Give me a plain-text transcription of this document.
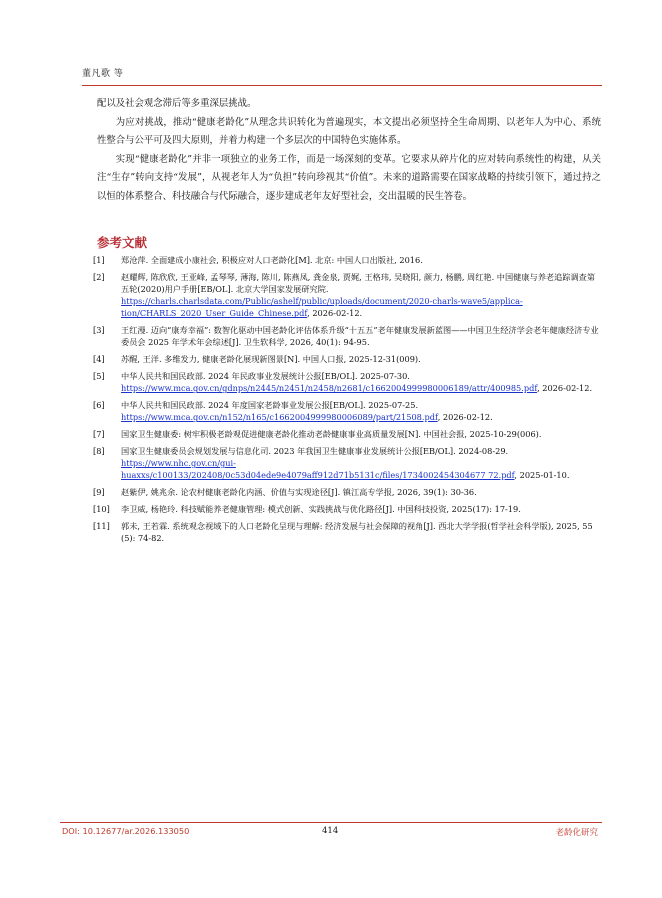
董凡歌 等

配以及社会观念滞后等多重深层挑战。

为应对挑战，推动“健康老龄化”从理念共识转化为普遍现实，本文提出必须坚持全生命周期、以老年人为中心、系统性整合与公平可及四大原则，并着力构建一个多层次的中国特色实施体系。

实现“健康老龄化”并非一项独立的业务工作，而是一场深刻的变革。它要求从碎片化的应对转向系统性的构建，从关注“生存”转向支持“发展”，从视老年人为“负担”转向珍视其“价值”。未来的道路需要在国家战略的持续引领下，通过持之以恒的体系整合、科技融合与代际融合，逐步建成老年友好型社会，交出温暖的民生答卷。

参考文献
[1]	郑沧萍. 全面建成小康社会, 积极应对人口老龄化[M]. 北京: 中国人口出版社, 2016.
[2]	赵耀辉, 陈欣欣, 王亚峰, 孟琴琴, 薄海, 陈川, 陈燕凤, 龚金泉, 贾娓, 王格玮, 吴晓阳, 颜力, 杨鹏, 周红艳. 中国健康与养老追踪调查第五轮(2020)用户手册[EB/OL]. 北京大学国家发展研究院.
https://charls.charlsdata.com/Public/ashelf/public/uploads/document/2020-charls-wave5/applica-
tion/CHARLS_2020_User_Guide_Chinese.pdf, 2026-02-12.
[3]	王红漫. 迈向“康寿幸福”: 数智化驱动中国老龄化评估体系升级“十五五”老年健康发展新蓝图——中国卫生经济学会老年健康经济专业委员会 2025 年学术年会综述[J]. 卫生软科学, 2026, 40(1): 94-95.
[4]	苏醒, 王洋. 多维发力, 健康老龄化展现新图景[N]. 中国人口报, 2025-12-31(009).
[5]	中华人民共和国民政部. 2024 年民政事业发展统计公报[EB/OL]. 2025-07-30.
https://www.mca.gov.cn/gdnps/n2445/n2451/n2458/n2681/c1662004999980006189/attr/400985.pdf, 2026-02-12.
[6]	中华人民共和国民政部. 2024 年度国家老龄事业发展公报[EB/OL]. 2025-07-25.
https://www.mca.gov.cn/n152/n165/c1662004999980006089/part/21508.pdf, 2026-02-12.
[7]	国家卫生健康委: 树牢积极老龄观促进健康老龄化推动老龄健康事业高质量发展[N]. 中国社会报, 2025-10-29(006).
[8]	国家卫生健康委员会规划发展与信息化司. 2023 年我国卫生健康事业发展统计公报[EB/OL]. 2024-08-29.
https://www.nhc.gov.cn/gui-
huaxxs/c100133/202408/0c53d04ede9e4079aff912d71b5131c/files/1734002454304677 72.pdf, 2025-01-10.
[9]	赵紫伊, 姚兆余. 论农村健康老龄化内涵、价值与实现途径[J]. 镇江高专学报, 2026, 39(1): 30-36.
[10]	李卫威, 杨艳玲. 科技赋能养老健康管理: 模式创新、实践挑战与优化路径[J]. 中国科技投资, 2025(17): 17-19.
[11]	郭未, 王若霖. 系统观念视域下的人口老龄化呈现与理解: 经济发展与社会保障的视角[J]. 西北大学学报(哲学社会科学版), 2025, 55(5): 74-82.
DOI: 10.12677/ar.2026.133050	414	老龄化研究
